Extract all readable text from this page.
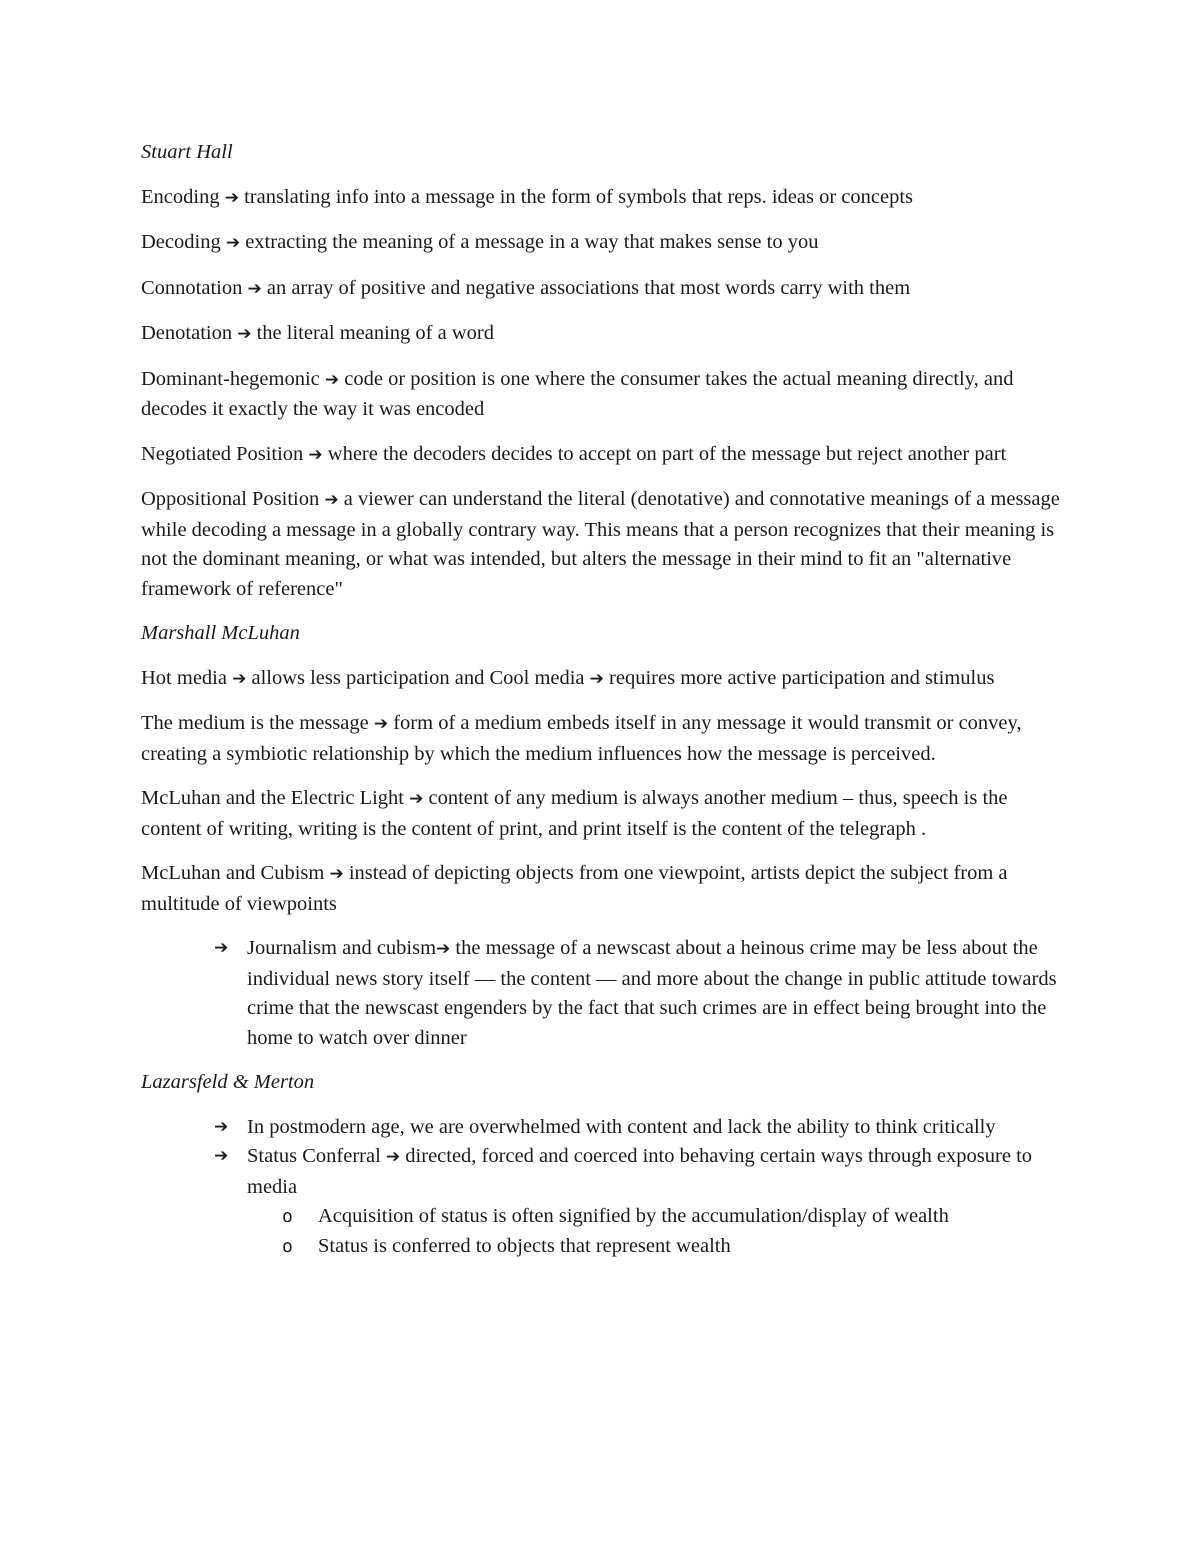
Stuart Hall
Encoding ➔ translating info into a message in the form of symbols that reps. ideas or concepts
Decoding ➔ extracting the meaning of a message in a way that makes sense to you
Connotation ➔ an array of positive and negative associations that most words carry with them
Denotation ➔ the literal meaning of a word
Dominant-hegemonic ➔ code or position is one where the consumer takes the actual meaning directly, and decodes it exactly the way it was encoded
Negotiated Position ➔ where the decoders decides to accept on part of the message but reject another part
Oppositional Position ➔ a viewer can understand the literal (denotative) and connotative meanings of a message while decoding a message in a globally contrary way. This means that a person recognizes that their meaning is not the dominant meaning, or what was intended, but alters the message in their mind to fit an "alternative framework of reference"
Marshall McLuhan
Hot media ➔ allows less participation and Cool media ➔ requires more active participation and stimulus
The medium is the message ➔ form of a medium embeds itself in any message it would transmit or convey, creating a symbiotic relationship by which the medium influences how the message is perceived.
McLuhan and the Electric Light ➔ content of any medium is always another medium – thus, speech is the content of writing, writing is the content of print, and print itself is the content of the telegraph .
McLuhan and Cubism ➔ instead of depicting objects from one viewpoint, artists depict the subject from a multitude of viewpoints
➔ Journalism and cubism➔ the message of a newscast about a heinous crime may be less about the individual news story itself — the content — and more about the change in public attitude towards crime that the newscast engenders by the fact that such crimes are in effect being brought into the home to watch over dinner
Lazarsfeld & Merton
➔ In postmodern age, we are overwhelmed with content and lack the ability to think critically
➔ Status Conferral ➔ directed, forced and coerced into behaving certain ways through exposure to media
o Acquisition of status is often signified by the accumulation/display of wealth
o Status is conferred to objects that represent wealth
